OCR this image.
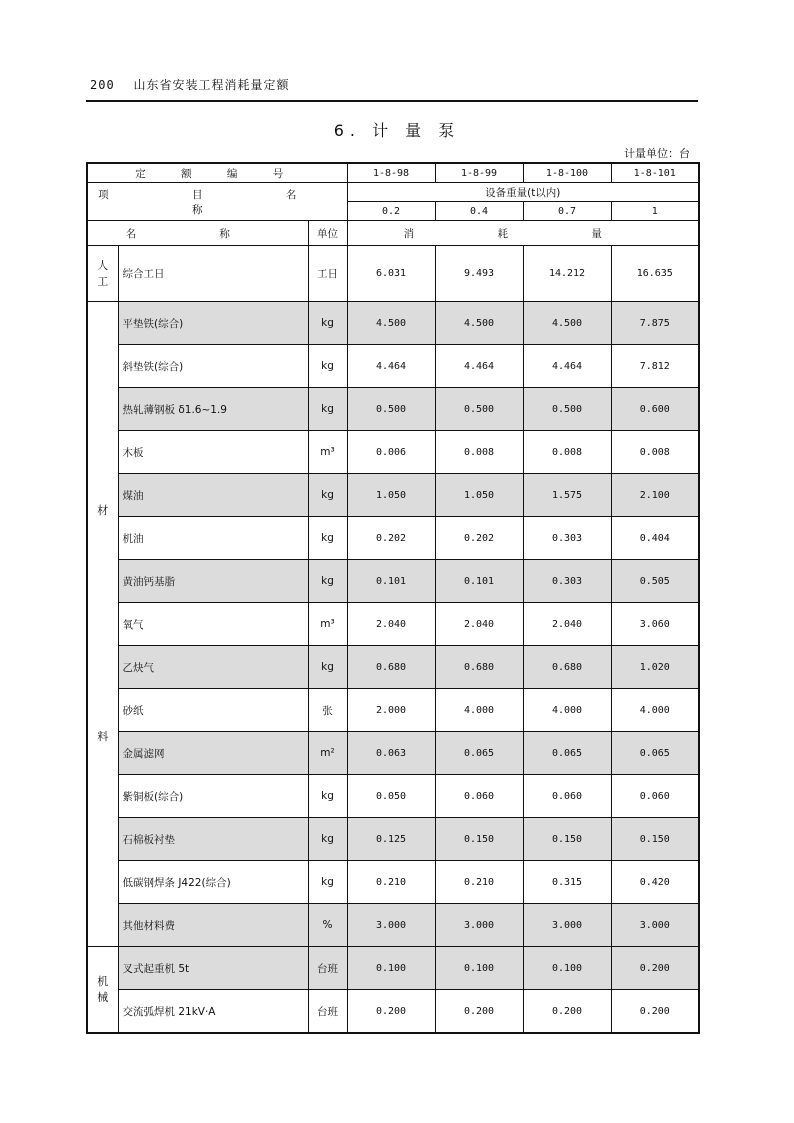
200 山东省安装工程消耗量定额
6. 计 量 泵
计量单位：台
定 额 编 号			1-8-98	1-8-99	1-8-100	1-8-101
项 目 名 称			设备重量(t以内)			
			0.2	0.4	0.7	1
名 称		单位	消 耗 量			

人
工	综合工日	工日	6.031	9.493	14.212	16.635

材
料	平垫铁(综合)	kg	4.500	4.500	4.500	7.875
	斜垫铁(综合)	kg	4.464	4.464	4.464	7.812
	热轧薄钢板 δ1.6~1.9	kg	0.500	0.500	0.500	0.600
	木板	m³	0.006	0.008	0.008	0.008
	煤油	kg	1.050	1.050	1.575	2.100
	机油	kg	0.202	0.202	0.303	0.404
	黄油钙基脂	kg	0.101	0.101	0.303	0.505
	氧气	m³	2.040	2.040	2.040	3.060
	乙炔气	kg	0.680	0.680	0.680	1.020
	砂纸	张	2.000	4.000	4.000	4.000
	金属滤网	m²	0.063	0.065	0.065	0.065
	紫铜板(综合)	kg	0.050	0.060	0.060	0.060
	石棉板衬垫	kg	0.125	0.150	0.150	0.150
	低碳钢焊条 J422(综合)	kg	0.210	0.210	0.315	0.420
	其他材料费	%	3.000	3.000	3.000	3.000

机
械	叉式起重机 5t	台班	0.100	0.100	0.100	0.200
	交流弧焊机 21kV·A	台班	0.200	0.200	0.200	0.200
